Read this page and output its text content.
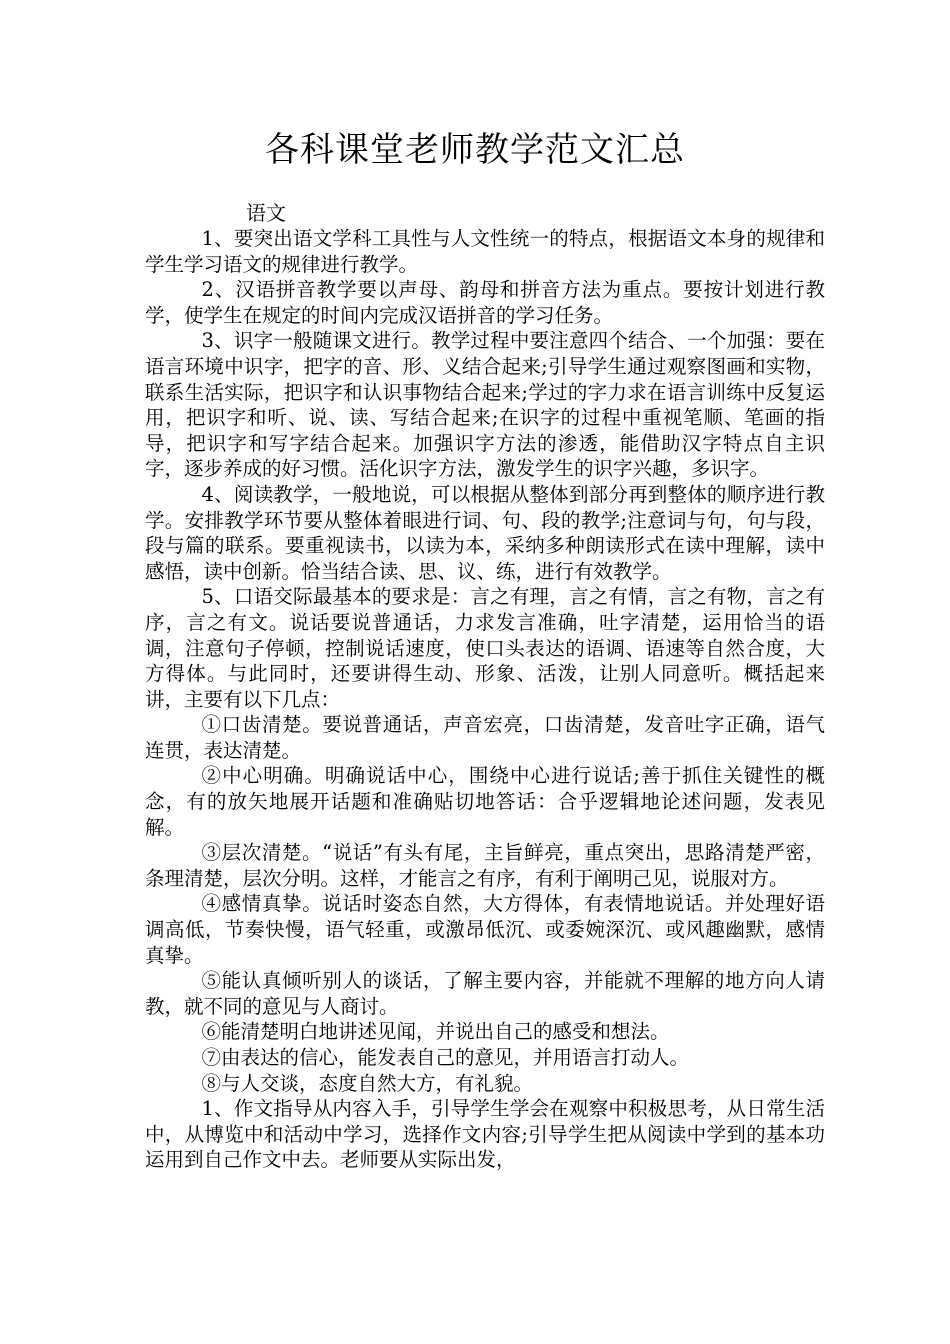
各科课堂老师教学范文汇总
语文

1、要突出语文学科工具性与人文性统一的特点，根据语文本身的规律和学生学习语文的规律进行教学。

2、汉语拼音教学要以声母、韵母和拼音方法为重点。要按计划进行教学，使学生在规定的时间内完成汉语拼音的学习任务。

3、识字一般随课文进行。教学过程中要注意四个结合、一个加强：要在语言环境中识字，把字的音、形、义结合起来;引导学生通过观察图画和实物，联系生活实际，把识字和认识事物结合起来;学过的字力求在语言训练中反复运用，把识字和听、说、读、写结合起来;在识字的过程中重视笔顺、笔画的指导，把识字和写字结合起来。加强识字方法的渗透，能借助汉字特点自主识字，逐步养成的好习惯。活化识字方法，激发学生的识字兴趣，多识字。

4、阅读教学，一般地说，可以根据从整体到部分再到整体的顺序进行教学。安排教学环节要从整体着眼进行词、句、段的教学;注意词与句，句与段，段与篇的联系。要重视读书，以读为本，采纳多种朗读形式在读中理解，读中感悟，读中创新。恰当结合读、思、议、练，进行有效教学。

5、口语交际最基本的要求是：言之有理，言之有情，言之有物，言之有序，言之有文。说话要说普通话，力求发言准确，吐字清楚，运用恰当的语调，注意句子停顿，控制说话速度，使口头表达的语调、语速等自然合度，大方得体。与此同时，还要讲得生动、形象、活泼，让别人同意听。概括起来讲，主要有以下几点：

①口齿清楚。要说普通话，声音宏亮，口齿清楚，发音吐字正确，语气连贯，表达清楚。

②中心明确。明确说话中心，围绕中心进行说话;善于抓住关键性的概念，有的放矢地展开话题和准确贴切地答话：合乎逻辑地论述问题，发表见解。

③层次清楚。“说话”有头有尾，主旨鲜亮，重点突出，思路清楚严密，条理清楚，层次分明。这样，才能言之有序，有利于阐明己见，说服对方。

④感情真挚。说话时姿态自然，大方得体，有表情地说话。并处理好语调高低，节奏快慢，语气轻重，或激昂低沉、或委婉深沉、或风趣幽默，感情真挚。

⑤能认真倾听别人的谈话，了解主要内容，并能就不理解的地方向人请教，就不同的意见与人商讨。

⑥能清楚明白地讲述见闻，并说出自己的感受和想法。

⑦由表达的信心，能发表自己的意见，并用语言打动人。

⑧与人交谈，态度自然大方，有礼貌。

1、作文指导从内容入手，引导学生学会在观察中积极思考，从日常生活中，从博览中和活动中学习，选择作文内容;引导学生把从阅读中学到的基本功运用到自己作文中去。老师要从实际出发，
